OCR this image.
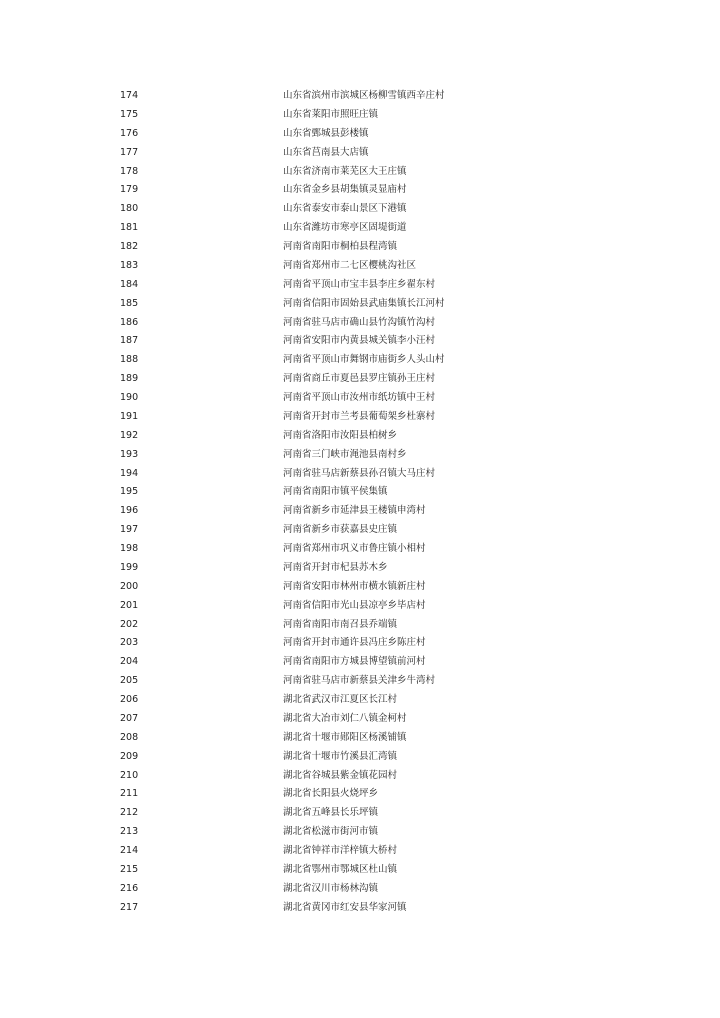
174	山东省滨州市滨城区杨柳雪镇西辛庄村
175	山东省莱阳市照旺庄镇
176	山东省鄄城县彭楼镇
177	山东省莒南县大店镇
178	山东省济南市莱芜区大王庄镇
179	山东省金乡县胡集镇灵显庙村
180	山东省泰安市泰山景区下港镇
181	山东省潍坊市寒亭区固堤街道
182	河南省南阳市桐柏县程湾镇
183	河南省郑州市二七区樱桃沟社区
184	河南省平顶山市宝丰县李庄乡翟东村
185	河南省信阳市固始县武庙集镇长江河村
186	河南省驻马店市确山县竹沟镇竹沟村
187	河南省安阳市内黄县城关镇李小汪村
188	河南省平顶山市舞钢市庙街乡人头山村
189	河南省商丘市夏邑县罗庄镇孙王庄村
190	河南省平顶山市汝州市纸坊镇中王村
191	河南省开封市兰考县葡萄架乡杜寨村
192	河南省洛阳市汝阳县柏树乡
193	河南省三门峡市渑池县南村乡
194	河南省驻马店新蔡县孙召镇大马庄村
195	河南省南阳市镇平侯集镇
196	河南省新乡市延津县王楼镇申湾村
197	河南省新乡市获嘉县史庄镇
198	河南省郑州市巩义市鲁庄镇小相村
199	河南省开封市杞县苏木乡
200	河南省安阳市林州市横水镇新庄村
201	河南省信阳市光山县凉亭乡毕店村
202	河南省南阳市南召县乔端镇
203	河南省开封市通许县冯庄乡陈庄村
204	河南省南阳市方城县博望镇前河村
205	河南省驻马店市新蔡县关津乡牛湾村
206	湖北省武汉市江夏区长江村
207	湖北省大冶市刘仁八镇金柯村
208	湖北省十堰市郧阳区杨溪铺镇
209	湖北省十堰市竹溪县汇湾镇
210	湖北省谷城县紫金镇花园村
211	湖北省长阳县火烧坪乡
212	湖北省五峰县长乐坪镇
213	湖北省松滋市街河市镇
214	湖北省钟祥市洋梓镇大桥村
215	湖北省鄂州市鄂城区杜山镇
216	湖北省汉川市杨林沟镇
217	湖北省黄冈市红安县华家河镇
